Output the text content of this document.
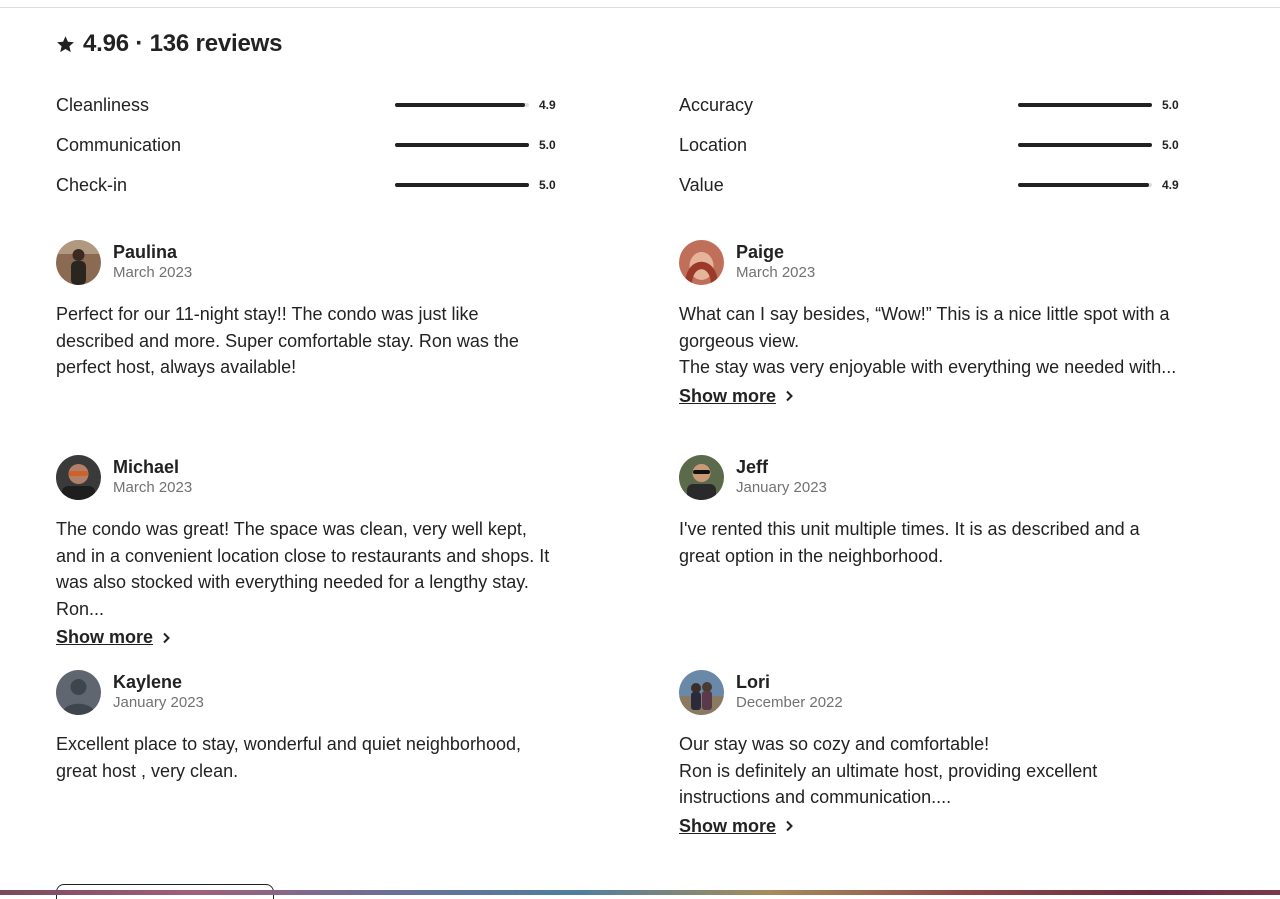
4.96 · 136 reviews
Cleanliness	4.9
Communication	5.0
Check-in	5.0
Accuracy	5.0
Location	5.0
Value	4.9
Paulina
March 2023
Perfect for our 11-night stay!! The condo was just like described and more. Super comfortable stay. Ron was the perfect host, always available!
Paige
March 2023
What can I say besides, “Wow!” This is a nice little spot with a gorgeous view.
The stay was very enjoyable with everything we needed with...
Show more
Michael
March 2023
The condo was great! The space was clean, very well kept, and in a convenient location close to restaurants and shops. It was also stocked with everything needed for a lengthy stay. Ron...
Show more
Jeff
January 2023
I've rented this unit multiple times. It is as described and a great option in the neighborhood.
Kaylene
January 2023
Excellent place to stay, wonderful and quiet neighborhood, great host , very clean.
Lori
December 2022
Our stay was so cozy and comfortable!
Ron is definitely an ultimate host, providing excellent instructions and communication....
Show more
